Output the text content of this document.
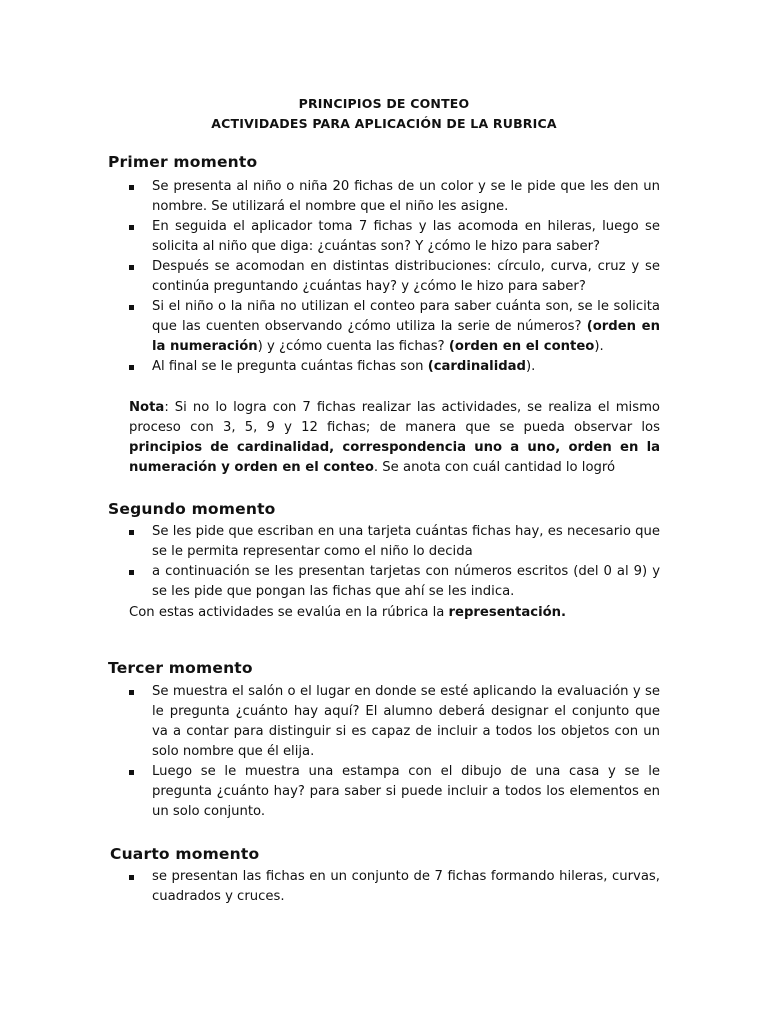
PRINCIPIOS DE CONTEO
ACTIVIDADES PARA APLICACIÓN DE LA RUBRICA
Primer momento
Se presenta al niño o niña 20 fichas de un color y se le pide que les den un nombre. Se utilizará el nombre que el niño les asigne.
En seguida el aplicador toma 7 fichas y las acomoda en hileras, luego se solicita al niño que diga: ¿cuántas son? Y ¿cómo le hizo para saber?
Después se acomodan en distintas distribuciones: círculo, curva, cruz y se continúa preguntando ¿cuántas hay? y ¿cómo le hizo para saber?
Si el niño o la niña no utilizan el conteo para saber cuánta son, se le solicita que las cuenten observando ¿cómo utiliza la serie de números? (orden en la numeración) y ¿cómo cuenta las fichas? (orden en el conteo).
Al final se le pregunta cuántas fichas son (cardinalidad).
Nota: Si no lo logra con 7 fichas realizar las actividades, se realiza el mismo proceso con 3, 5, 9 y 12 fichas; de manera que se pueda observar los principios de cardinalidad, correspondencia uno a uno, orden en la numeración y orden en el conteo. Se anota con cuál cantidad lo logró
Segundo momento
Se les pide que escriban en una tarjeta cuántas fichas hay, es necesario que se le permita representar como el niño lo decida
a continuación se les presentan tarjetas con números escritos (del 0 al 9) y se les pide que pongan las fichas que ahí se les indica.
Con estas actividades se evalúa en la rúbrica la representación.
Tercer momento
Se muestra el salón o el lugar en donde se esté aplicando la evaluación y se le pregunta ¿cuánto hay aquí? El alumno deberá designar el conjunto que va a contar para distinguir si es capaz de incluir a todos los objetos con un solo nombre que él elija.
Luego se le muestra una estampa con el dibujo de una casa y se le pregunta ¿cuánto hay? para saber si puede incluir a todos los elementos en un solo conjunto.
Cuarto momento
se presentan las fichas en un conjunto de 7 fichas formando hileras, curvas, cuadrados y cruces.
